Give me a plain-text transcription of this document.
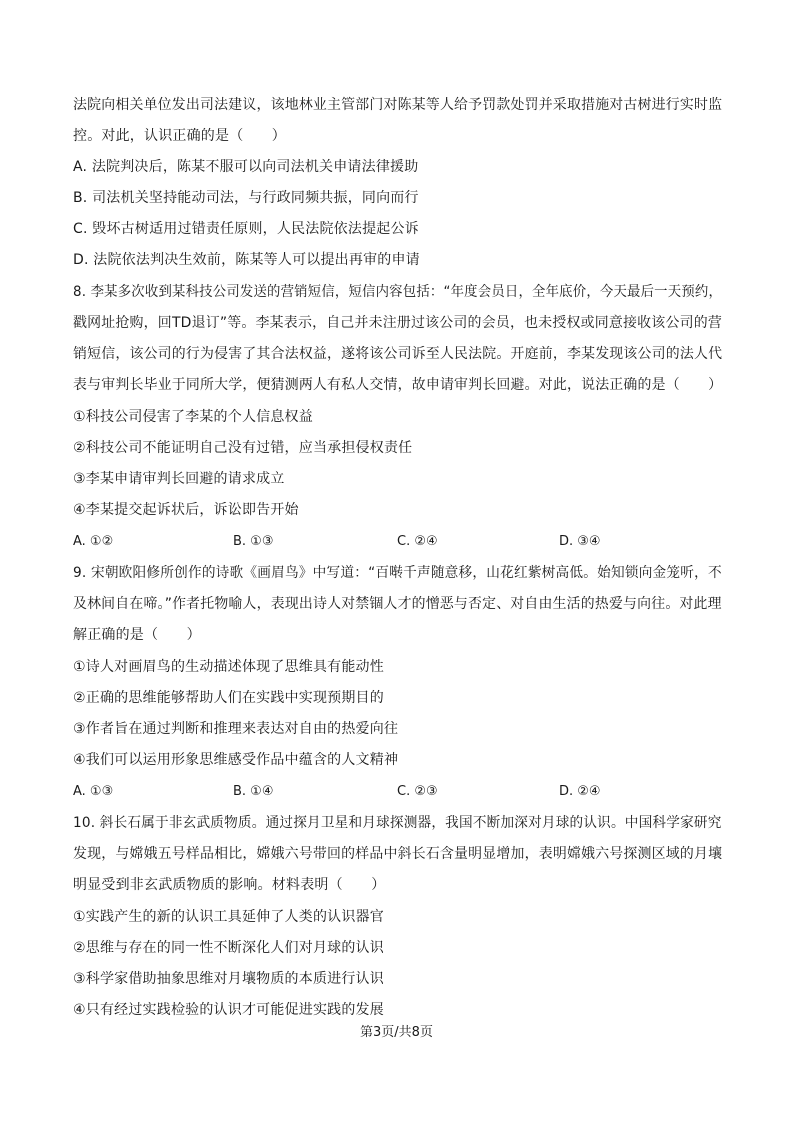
法院向相关单位发出司法建议，该地林业主管部门对陈某等人给予罚款处罚并采取措施对古树进行实时监
控。对此，认识正确的是（　　）
A. 法院判决后，陈某不服可以向司法机关申请法律援助
B. 司法机关坚持能动司法，与行政同频共振，同向而行
C. 毁坏古树适用过错责任原则，人民法院依法提起公诉
D. 法院依法判决生效前，陈某等人可以提出再审的申请
8. 李某多次收到某科技公司发送的营销短信，短信内容包括：“年度会员日，全年底价，今天最后一天预约，
戳网址抢购，回TD退订”等。李某表示，自己并未注册过该公司的会员，也未授权或同意接收该公司的营
销短信，该公司的行为侵害了其合法权益，遂将该公司诉至人民法院。开庭前，李某发现该公司的法人代
表与审判长毕业于同所大学，便猜测两人有私人交情，故申请审判长回避。对此，说法正确的是（　　）
①科技公司侵害了李某的个人信息权益
②科技公司不能证明自己没有过错，应当承担侵权责任
③李某申请审判长回避的请求成立
④李某提交起诉状后，诉讼即告开始
A. ①②	B. ①③	C. ②④	D. ③④
9. 宋朝欧阳修所创作的诗歌《画眉鸟》中写道：“百啭千声随意移，山花红紫树高低。始知锁向金笼听，不
及林间自在啼。”作者托物喻人，表现出诗人对禁锢人才的憎恶与否定、对自由生活的热爱与向往。对此理
解正确的是（　　）
①诗人对画眉鸟的生动描述体现了思维具有能动性
②正确的思维能够帮助人们在实践中实现预期目的
③作者旨在通过判断和推理来表达对自由的热爱向往
④我们可以运用形象思维感受作品中蕴含的人文精神
A. ①③	B. ①④	C. ②③	D. ②④
10. 斜长石属于非玄武质物质。通过探月卫星和月球探测器，我国不断加深对月球的认识。中国科学家研究
发现，与嫦娥五号样品相比，嫦娥六号带回的样品中斜长石含量明显增加，表明嫦娥六号探测区域的月壤
明显受到非玄武质物质的影响。材料表明（　　）
①实践产生的新的认识工具延伸了人类的认识器官
②思维与存在的同一性不断深化人们对月球的认识
③科学家借助抽象思维对月壤物质的本质进行认识
④只有经过实践检验的认识才可能促进实践的发展
第3页/共8页
